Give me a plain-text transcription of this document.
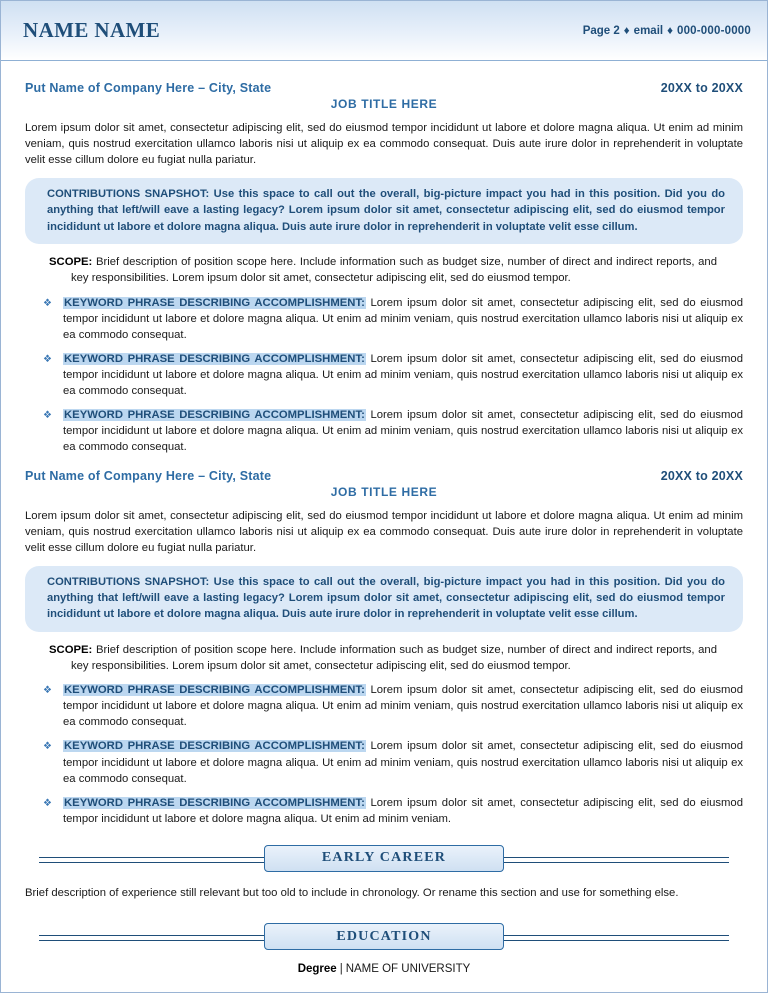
NAME NAME	Page 2 ♦ email ♦ 000-000-0000
Put Name of Company Here – City, State	20XX to 20XX
JOB TITLE HERE
Lorem ipsum dolor sit amet, consectetur adipiscing elit, sed do eiusmod tempor incididunt ut labore et dolore magna aliqua. Ut enim ad minim veniam, quis nostrud exercitation ullamco laboris nisi ut aliquip ex ea commodo consequat. Duis aute irure dolor in reprehenderit in voluptate velit esse cillum dolore eu fugiat nulla pariatur.

CONTRIBUTIONS SNAPSHOT: Use this space to call out the overall, big-picture impact you had in this position. Did you do anything that left/will eave a lasting legacy? Lorem ipsum dolor sit amet, consectetur adipiscing elit, sed do eiusmod tempor incididunt ut labore et dolore magna aliqua. Duis aute irure dolor in reprehenderit in voluptate velit esse cillum.

SCOPE: Brief description of position scope here. Include information such as budget size, number of direct and indirect reports, and key responsibilities. Lorem ipsum dolor sit amet, consectetur adipiscing elit, sed do eiusmod tempor.

❖	KEYWORD PHRASE DESCRIBING ACCOMPLISHMENT: Lorem ipsum dolor sit amet, consectetur adipiscing elit, sed do eiusmod tempor incididunt ut labore et dolore magna aliqua. Ut enim ad minim veniam, quis nostrud exercitation ullamco laboris nisi ut aliquip ex ea commodo consequat.
❖	KEYWORD PHRASE DESCRIBING ACCOMPLISHMENT: Lorem ipsum dolor sit amet, consectetur adipiscing elit, sed do eiusmod tempor incididunt ut labore et dolore magna aliqua. Ut enim ad minim veniam, quis nostrud exercitation ullamco laboris nisi ut aliquip ex ea commodo consequat.
❖	KEYWORD PHRASE DESCRIBING ACCOMPLISHMENT: Lorem ipsum dolor sit amet, consectetur adipiscing elit, sed do eiusmod tempor incididunt ut labore et dolore magna aliqua. Ut enim ad minim veniam, quis nostrud exercitation ullamco laboris nisi ut aliquip ex ea commodo consequat.
Put Name of Company Here – City, State	20XX to 20XX
JOB TITLE HERE
Lorem ipsum dolor sit amet, consectetur adipiscing elit, sed do eiusmod tempor incididunt ut labore et dolore magna aliqua. Ut enim ad minim veniam, quis nostrud exercitation ullamco laboris nisi ut aliquip ex ea commodo consequat. Duis aute irure dolor in reprehenderit in voluptate velit esse cillum dolore eu fugiat nulla pariatur.

CONTRIBUTIONS SNAPSHOT: Use this space to call out the overall, big-picture impact you had in this position. Did you do anything that left/will eave a lasting legacy? Lorem ipsum dolor sit amet, consectetur adipiscing elit, sed do eiusmod tempor incididunt ut labore et dolore magna aliqua. Duis aute irure dolor in reprehenderit in voluptate velit esse cillum.

SCOPE: Brief description of position scope here. Include information such as budget size, number of direct and indirect reports, and key responsibilities. Lorem ipsum dolor sit amet, consectetur adipiscing elit, sed do eiusmod tempor.

❖	KEYWORD PHRASE DESCRIBING ACCOMPLISHMENT: Lorem ipsum dolor sit amet, consectetur adipiscing elit, sed do eiusmod tempor incididunt ut labore et dolore magna aliqua. Ut enim ad minim veniam, quis nostrud exercitation ullamco laboris nisi ut aliquip ex ea commodo consequat.
❖	KEYWORD PHRASE DESCRIBING ACCOMPLISHMENT: Lorem ipsum dolor sit amet, consectetur adipiscing elit, sed do eiusmod tempor incididunt ut labore et dolore magna aliqua. Ut enim ad minim veniam, quis nostrud exercitation ullamco laboris nisi ut aliquip ex ea commodo consequat.
❖	KEYWORD PHRASE DESCRIBING ACCOMPLISHMENT: Lorem ipsum dolor sit amet, consectetur adipiscing elit, sed do eiusmod tempor incididunt ut labore et dolore magna aliqua. Ut enim ad minim veniam.
EARLY CAREER
Brief description of experience still relevant but too old to include in chronology. Or rename this section and use for something else.
EDUCATION
Degree | NAME OF UNIVERSITY
